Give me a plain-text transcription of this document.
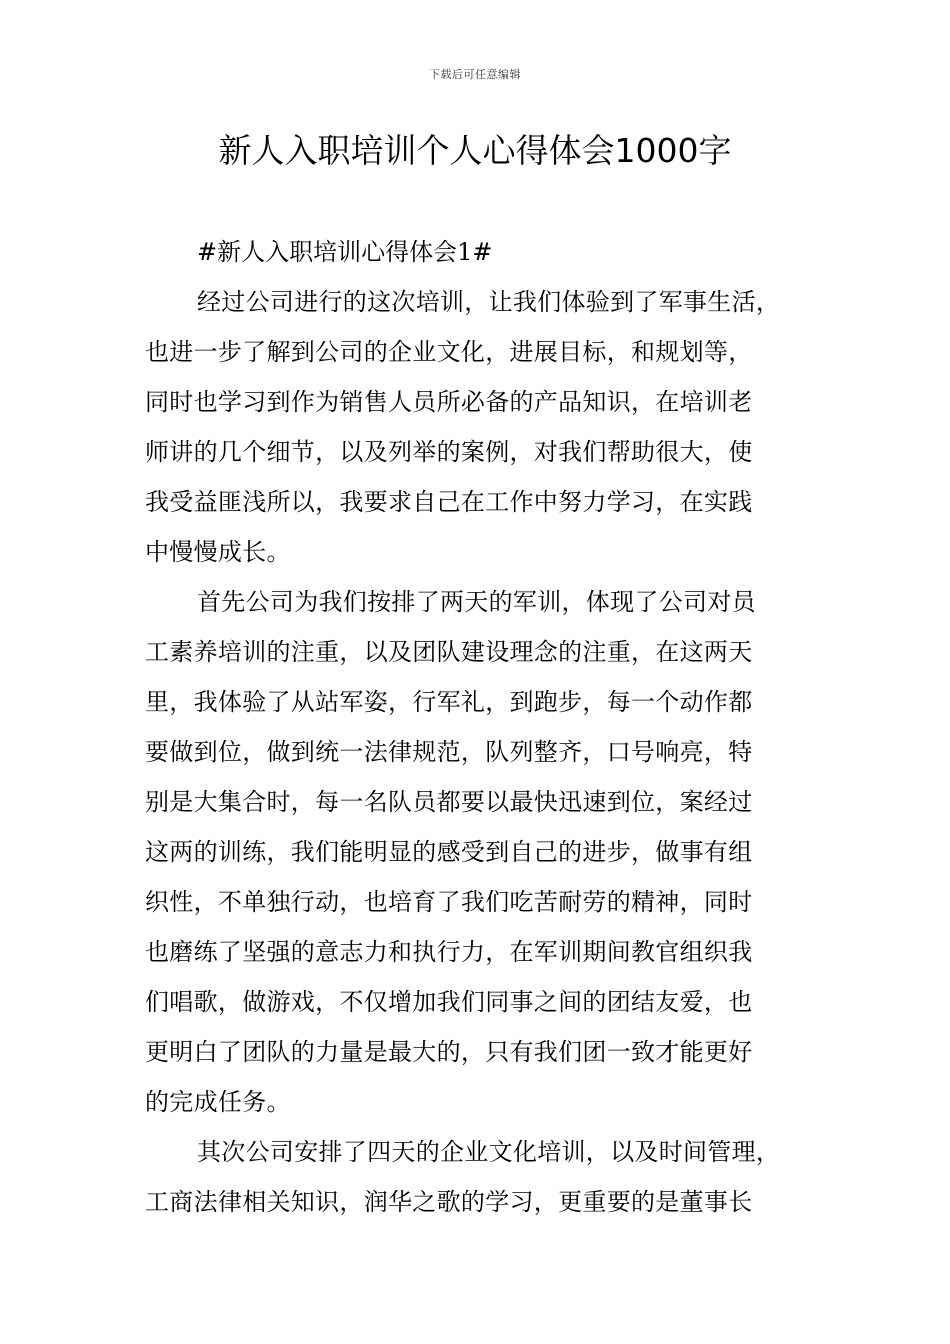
下载后可任意编辑
新人入职培训个人心得体会1000字

#新人入职培训心得体会1#

经过公司进行的这次培训，让我们体验到了军事生活，
也进一步了解到公司的企业文化，进展目标，和规划等，
同时也学习到作为销售人员所必备的产品知识，在培训老
师讲的几个细节，以及列举的案例，对我们帮助很大，使
我受益匪浅所以，我要求自己在工作中努力学习，在实践
中慢慢成长。

首先公司为我们按排了两天的军训，体现了公司对员
工素养培训的注重，以及团队建设理念的注重，在这两天
里，我体验了从站军姿，行军礼，到跑步，每一个动作都
要做到位，做到统一法律规范，队列整齐，口号响亮，特
别是大集合时，每一名队员都要以最快迅速到位，案经过
这两的训练，我们能明显的感受到自己的进步，做事有组
织性，不单独行动，也培育了我们吃苦耐劳的精神，同时
也磨练了坚强的意志力和执行力，在军训期间教官组织我
们唱歌，做游戏，不仅增加我们同事之间的团结友爱，也
更明白了团队的力量是最大的，只有我们团一致才能更好
的完成任务。

其次公司安排了四天的企业文化培训，以及时间管理，
工商法律相关知识，润华之歌的学习，更重要的是董事长
